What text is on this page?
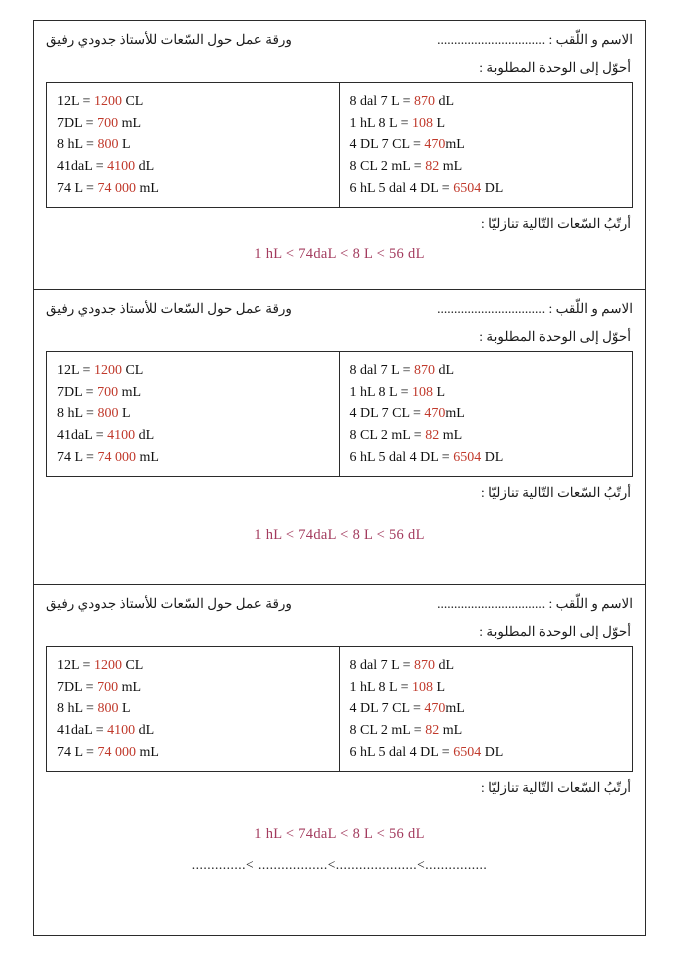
ورقة عمل حول السّعات للأستاذ جدودي رفيق	الاسم و اللّقب : ................................
أحوّل إلى الوحدة المطلوبة :
12L = 1200 CL
7DL = 700 mL
8 hL = 800 L
41daL = 4100 dL
74 L = 74 000 mL
8 dal 7 L = 870 dL
1 hL 8 L = 108 L
4 DL 7 CL = 470mL
8 CL 2 mL = 82 mL
6 hL 5 dal 4 DL = 6504 DL
أرتّبُ السّعات التّالية تنازليّا :
1 hL < 74daL < 8 L < 56 dL
ورقة عمل حول السّعات للأستاذ جدودي رفيق	الاسم و اللّقب : ................................
أحوّل إلى الوحدة المطلوبة :
12L = 1200 CL
7DL = 700 mL
8 hL = 800 L
41daL = 4100 dL
74 L = 74 000 mL
8 dal 7 L = 870 dL
1 hL 8 L = 108 L
4 DL 7 CL = 470mL
8 CL 2 mL = 82 mL
6 hL 5 dal 4 DL = 6504 DL
أرتّبُ السّعات التّالية تنازليّا :
1 hL < 74daL < 8 L < 56 dL
ورقة عمل حول السّعات للأستاذ جدودي رفيق	الاسم و اللّقب : ................................
أحوّل إلى الوحدة المطلوبة :
12L = 1200 CL
7DL = 700 mL
8 hL = 800 L
41daL = 4100 dL
74 L = 74 000 mL
8 dal 7 L = 870 dL
1 hL 8 L = 108 L
4 DL 7 CL = 470mL
8 CL 2 mL = 82 mL
6 hL 5 dal 4 DL = 6504 DL
أرتّبُ السّعات التّالية تنازليّا :
1 hL < 74daL < 8 L < 56 dL
..............< ..................<.....................<................
